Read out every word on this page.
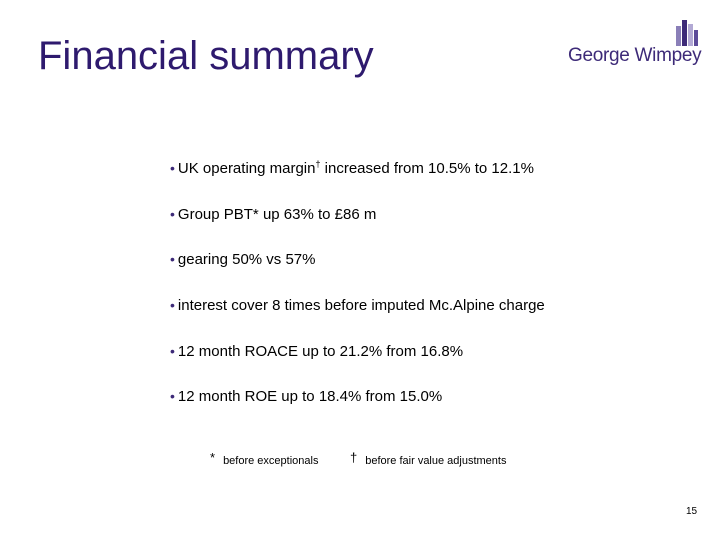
Financial summary	George Wimpey
• UK operating margin† increased from 10.5% to 12.1%
• Group PBT* up 63% to £86 m
• gearing 50% vs 57%
• interest cover 8 times before imputed Mc.Alpine charge
• 12 month ROACE up to 21.2% from 16.8%
• 12 month ROE up to 18.4% from 15.0%
* before exceptionals † before fair value adjustments
15
